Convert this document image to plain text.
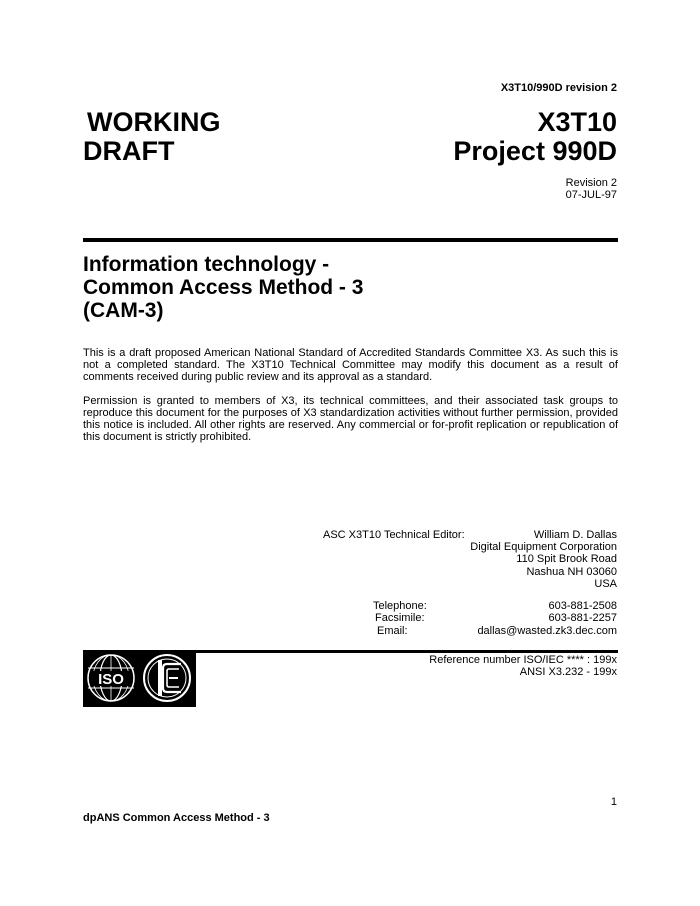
X3T10/990D revision 2
WORKING
DRAFT
X3T10
Project 990D
Revision 2
07-JUL-97
Information technology -
Common Access Method - 3
(CAM-3)
This is a draft proposed American National Standard of Accredited Standards Committee X3. As such this is not a completed standard. The X3T10 Technical Committee may modify this document as a result of comments received during public review and its approval as a standard.
Permission is granted to members of X3, its technical committees, and their associated task groups to reproduce this document for the purposes of X3 standardization activities without further permission, provided this notice is included. All other rights are reserved. Any commercial or for-profit replication or republication of this document is strictly prohibited.
ASC X3T10 Technical Editor:	William D. Dallas
Digital Equipment Corporation
110 Spit Brook Road
Nashua NH 03060
USA
Telephone:	603-881-2508
Facsimile:	603-881-2257
Email:	dallas@wasted.zk3.dec.com
ISO
IEC
Reference number ISO/IEC **** : 199x
ANSI X3.232 - 199x
1
dpANS Common Access Method - 3
